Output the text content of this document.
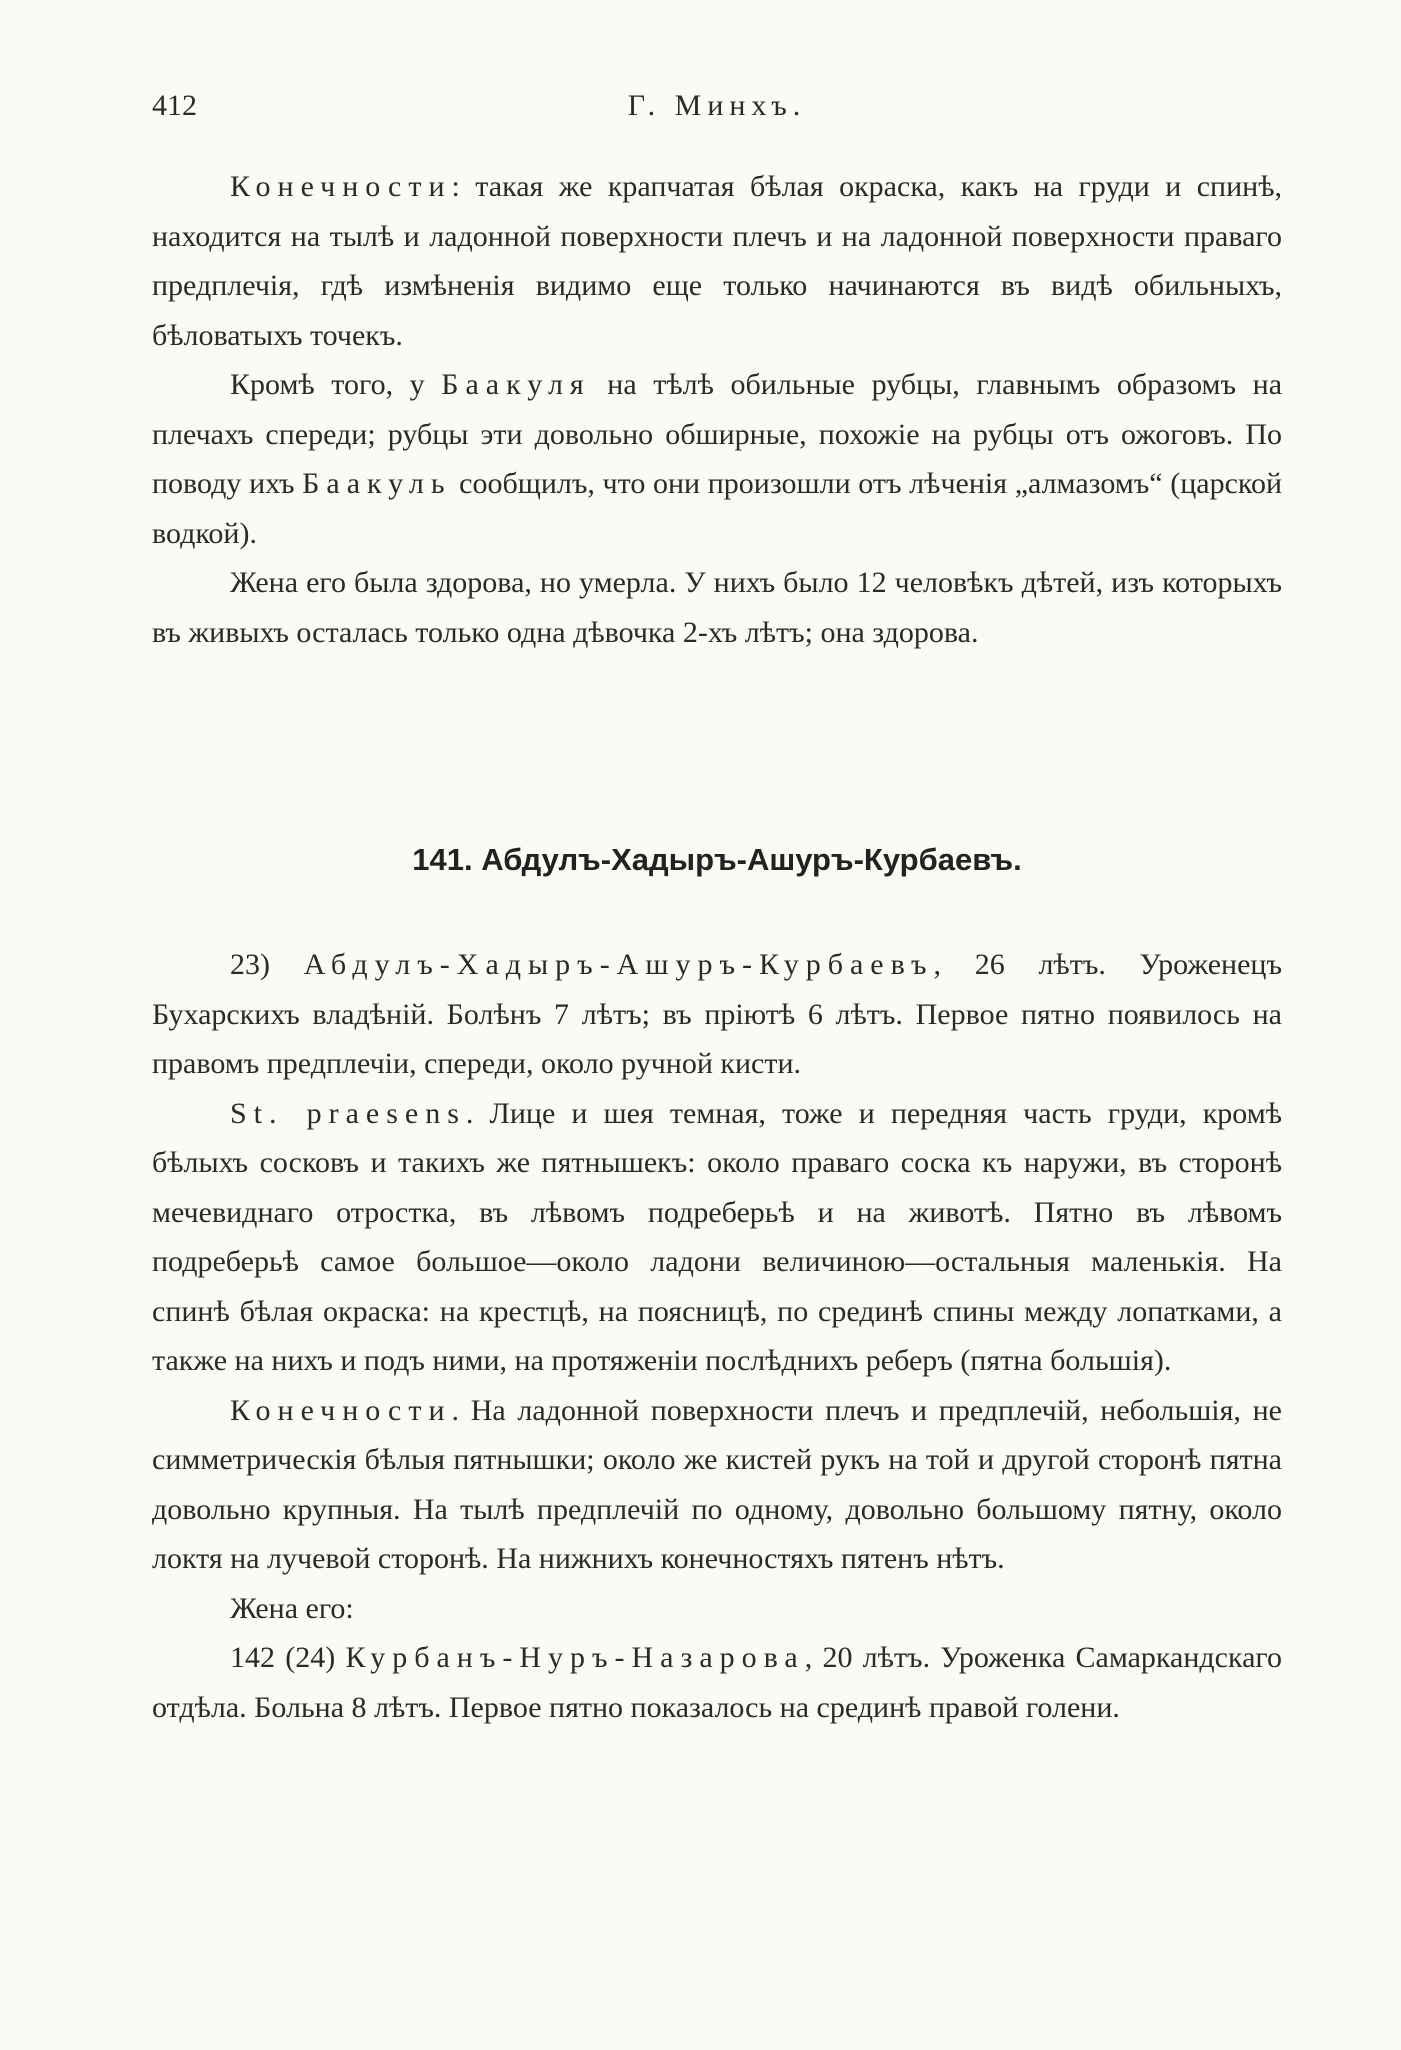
412	Г. Минхъ.

Конечности: такая же крапчатая бѣлая окраска, какъ на груди и спинѣ, находится на тылѣ и ладонной поверхности плечъ и на ладонной поверхности праваго предплечія, гдѣ измѣненія видимо еще только начинаются въ видѣ обильныхъ, бѣловатыхъ точекъ.

Кромѣ того, у Баакуля на тѣлѣ обильные рубцы, главнымъ образомъ на плечахъ спереди; рубцы эти довольно обширные, похожіе на рубцы отъ ожоговъ. По поводу ихъ Баакуль сообщилъ, что они произошли отъ лѣченія „алмазомъ“ (царской водкой).

Жена его была здорова, но умерла. У нихъ было 12 человѣкъ дѣтей, изъ которыхъ въ живыхъ осталась только одна дѣвочка 2-хъ лѣтъ; она здорова.

141. Абдулъ-Хадыръ-Ашуръ-Курбаевъ.

23) Абдулъ-Хадыръ-Ашуръ-Курбаевъ, 26 лѣтъ. Уроженецъ Бухарскихъ владѣній. Болѣнъ 7 лѣтъ; въ пріютѣ 6 лѣтъ. Первое пятно появилось на правомъ предплечіи, спереди, около ручной кисти.

St. praesens. Лице и шея темная, тоже и передняя часть груди, кромѣ бѣлыхъ сосковъ и такихъ же пятнышекъ: около праваго соска къ наружи, въ сторонѣ мечевиднаго отростка, въ лѣвомъ подреберьѣ и на животѣ. Пятно въ лѣвомъ подреберьѣ самое большое—около ладони величиною—остальныя маленькія. На спинѣ бѣлая окраска: на крестцѣ, на поясницѣ, по срединѣ спины между лопатками, а также на нихъ и подъ ними, на протяженіи послѣднихъ реберъ (пятна большія).

Конечности. На ладонной поверхности плечъ и предплечій, небольшія, не симметрическія бѣлыя пятнышки; около же кистей рукъ на той и другой сторонѣ пятна довольно крупныя. На тылѣ предплечій по одному, довольно большому пятну, около локтя на лучевой сторонѣ. На нижнихъ конечностяхъ пятенъ нѣтъ.

Жена его:

142 (24) Курбанъ-Нуръ-Назарова, 20 лѣтъ. Уроженка Самаркандскаго отдѣла. Больна 8 лѣтъ. Первое пятно показалось на срединѣ правой голени.
